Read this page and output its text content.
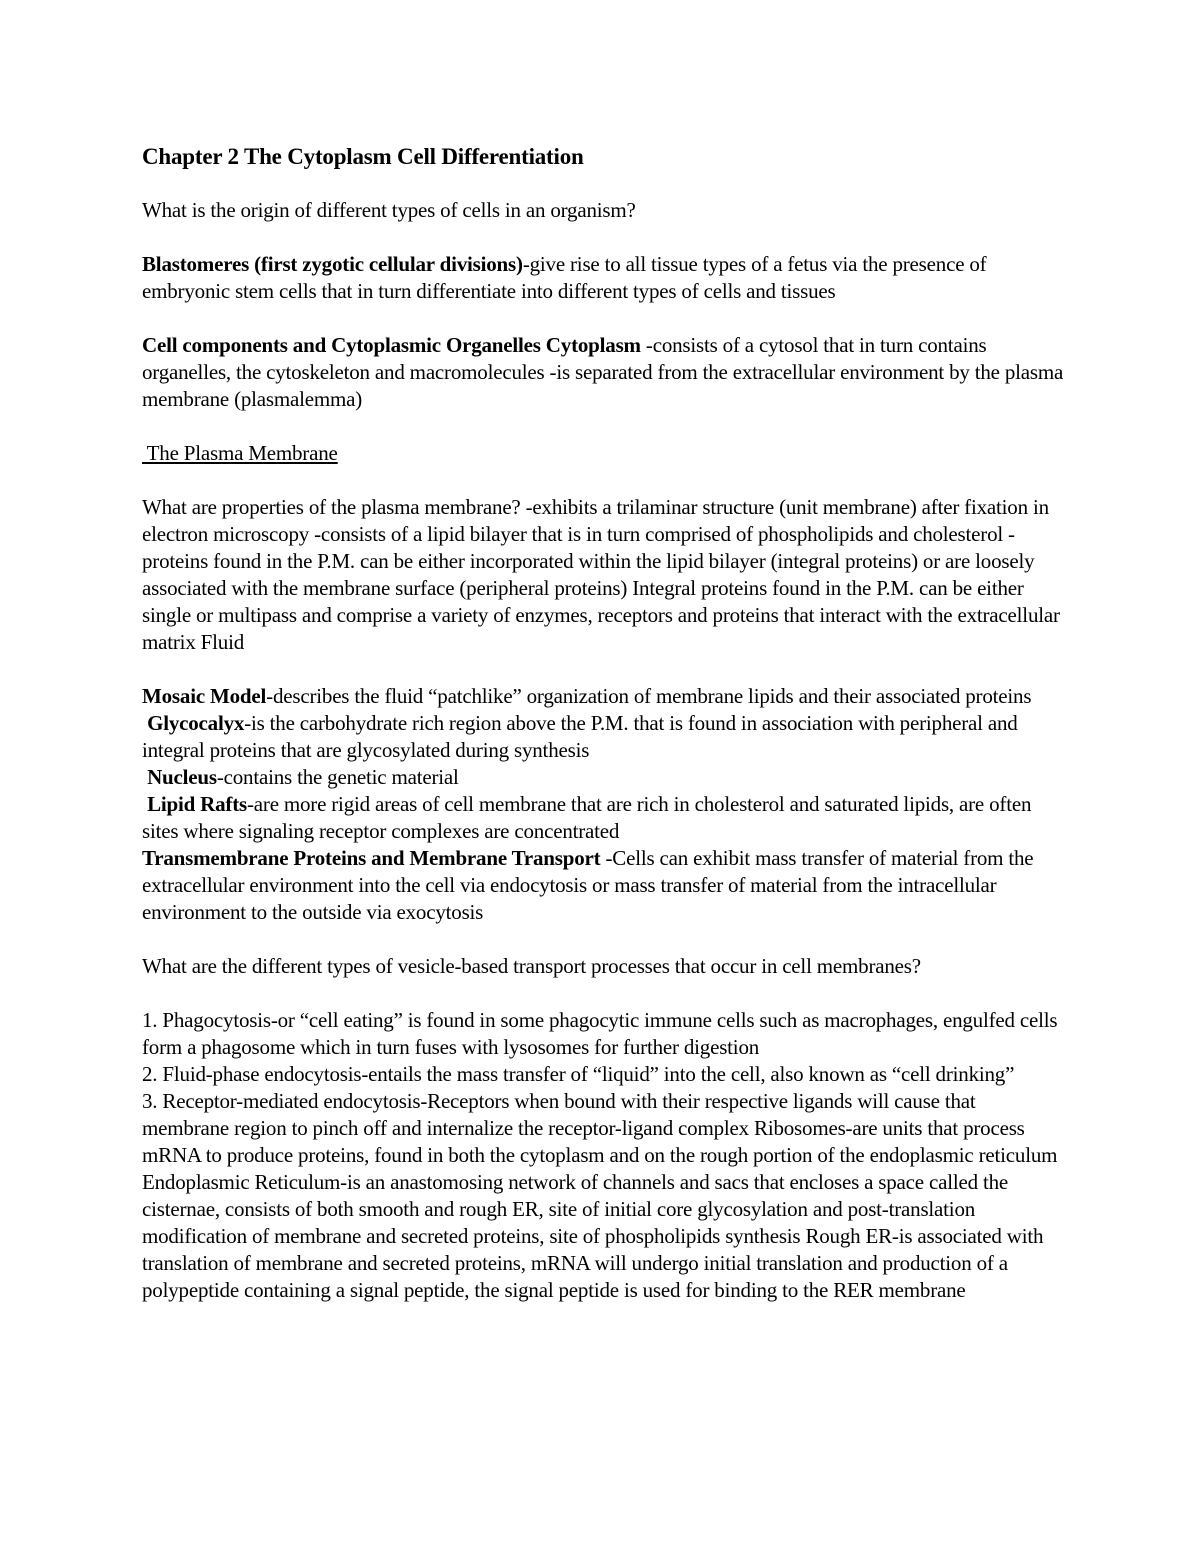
Chapter 2 The Cytoplasm Cell Differentiation

What is the origin of different types of cells in an organism?

Blastomeres (first zygotic cellular divisions)-give rise to all tissue types of a fetus via the presence of embryonic stem cells that in turn differentiate into different types of cells and tissues

Cell components and Cytoplasmic Organelles Cytoplasm -consists of a cytosol that in turn contains organelles, the cytoskeleton and macromolecules -is separated from the extracellular environment by the plasma membrane (plasmalemma)

The Plasma Membrane

What are properties of the plasma membrane? -exhibits a trilaminar structure (unit membrane) after fixation in electron microscopy -consists of a lipid bilayer that is in turn comprised of phospholipids and cholesterol -proteins found in the P.M. can be either incorporated within the lipid bilayer (integral proteins) or are loosely associated with the membrane surface (peripheral proteins) Integral proteins found in the P.M. can be either single or multipass and comprise a variety of enzymes, receptors and proteins that interact with the extracellular matrix Fluid

Mosaic Model-describes the fluid “patchlike” organization of membrane lipids and their associated proteins

Glycocalyx-is the carbohydrate rich region above the P.M. that is found in association with peripheral and integral proteins that are glycosylated during synthesis

Nucleus-contains the genetic material

Lipid Rafts-are more rigid areas of cell membrane that are rich in cholesterol and saturated lipids, are often sites where signaling receptor complexes are concentrated

Transmembrane Proteins and Membrane Transport -Cells can exhibit mass transfer of material from the extracellular environment into the cell via endocytosis or mass transfer of material from the intracellular environment to the outside via exocytosis

What are the different types of vesicle-based transport processes that occur in cell membranes?

1. Phagocytosis-or “cell eating” is found in some phagocytic immune cells such as macrophages, engulfed cells form a phagosome which in turn fuses with lysosomes for further digestion

2. Fluid-phase endocytosis-entails the mass transfer of “liquid” into the cell, also known as “cell drinking”

3. Receptor-mediated endocytosis-Receptors when bound with their respective ligands will cause that membrane region to pinch off and internalize the receptor-ligand complex Ribosomes-are units that process mRNA to produce proteins, found in both the cytoplasm and on the rough portion of the endoplasmic reticulum Endoplasmic Reticulum-is an anastomosing network of channels and sacs that encloses a space called the cisternae, consists of both smooth and rough ER, site of initial core glycosylation and post-translation modification of membrane and secreted proteins, site of phospholipids synthesis Rough ER-is associated with translation of membrane and secreted proteins, mRNA will undergo initial translation and production of a polypeptide containing a signal peptide, the signal peptide is used for binding to the RER membrane
